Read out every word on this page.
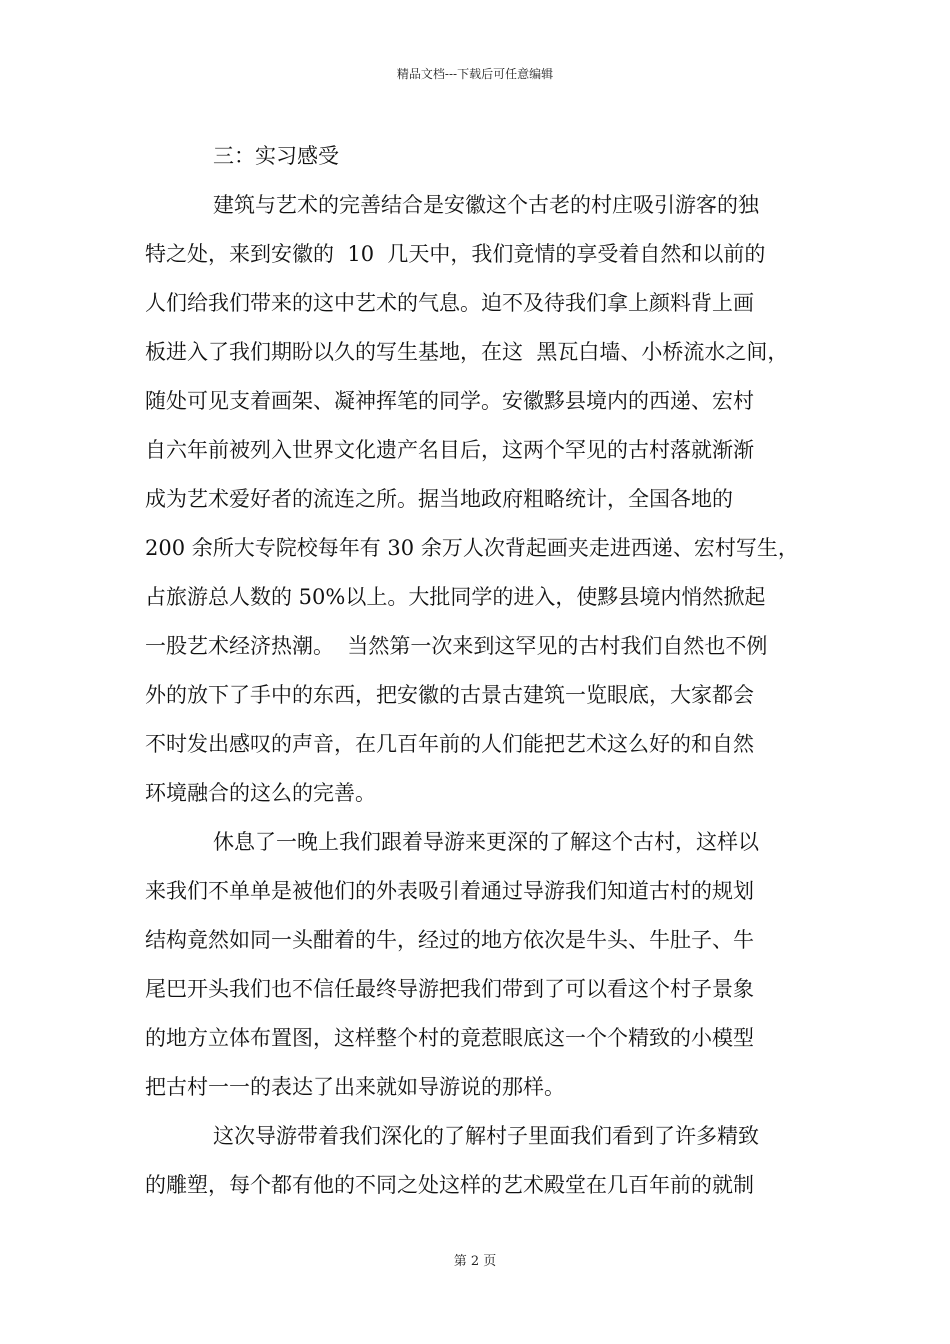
精品文档---下载后可任意编辑
三：实习感受
建筑与艺术的完善结合是安徽这个古老的村庄吸引游客的独
特之处，来到安徽的  10  几天中，我们竟情的享受着自然和以前的
人们给我们带来的这中艺术的气息。迫不及待我们拿上颜料背上画
板进入了我们期盼以久的写生基地，在这  黑瓦白墙、小桥流水之间，
随处可见支着画架、凝神挥笔的同学。安徽黟县境内的西递、宏村
自六年前被列入世界文化遗产名目后，这两个罕见的古村落就渐渐
成为艺术爱好者的流连之所。据当地政府粗略统计，全国各地的
200 余所大专院校每年有 30 余万人次背起画夹走进西递、宏村写生，
占旅游总人数的 50%以上。大批同学的进入，使黟县境内悄然掀起
一股艺术经济热潮。  当然第一次来到这罕见的古村我们自然也不例
外的放下了手中的东西，把安徽的古景古建筑一览眼底，大家都会
不时发出感叹的声音，在几百年前的人们能把艺术这么好的和自然
环境融合的这么的完善。
休息了一晚上我们跟着导游来更深的了解这个古村，这样以
来我们不单单是被他们的外表吸引着通过导游我们知道古村的规划
结构竟然如同一头酣着的牛，经过的地方依次是牛头、牛肚子、牛
尾巴开头我们也不信任最终导游把我们带到了可以看这个村子景象
的地方立体布置图，这样整个村的竟惹眼底这一个个精致的小模型
把古村一一的表达了出来就如导游说的那样。
这次导游带着我们深化的了解村子里面我们看到了许多精致
的雕塑，每个都有他的不同之处这样的艺术殿堂在几百年前的就制
第 2 页
